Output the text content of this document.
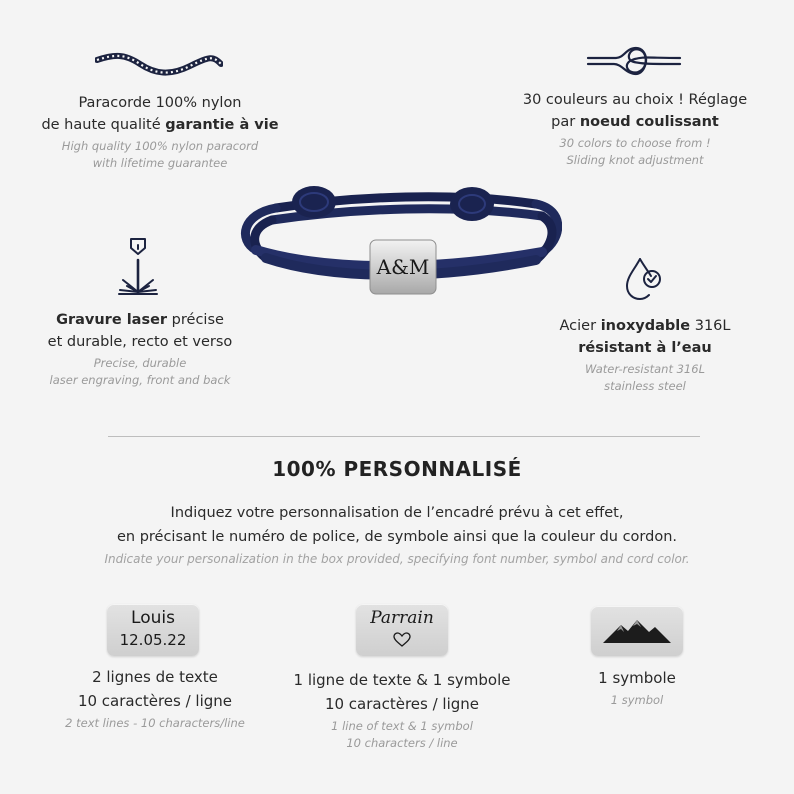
Paracorde 100% nylon
de haute qualité garantie à vie
High quality 100% nylon paracord
with lifetime guarantee
30 couleurs au choix ! Réglage
par noeud coulissant
30 colors to choose from !
Sliding knot adjustment
A&M
Gravure laser précise
et durable, recto et verso
Precise, durable
laser engraving, front and back
Acier inoxydable 316L
résistant à l’eau
Water-resistant 316L
stainless steel
100% PERSONNALISÉ
Indiquez votre personnalisation de l’encadré prévu à cet effet,
en précisant le numéro de police, de symbole ainsi que la couleur du cordon.
Indicate your personalization in the box provided, specifying font number, symbol and cord color.
Louis
12.05.22
2 lignes de texte
10 caractères / ligne
2 text lines - 10 characters/line
Parrain
1 ligne de texte & 1 symbole
10 caractères / ligne
1 line of text & 1 symbol
10 characters / line
1 symbole
1 symbol
